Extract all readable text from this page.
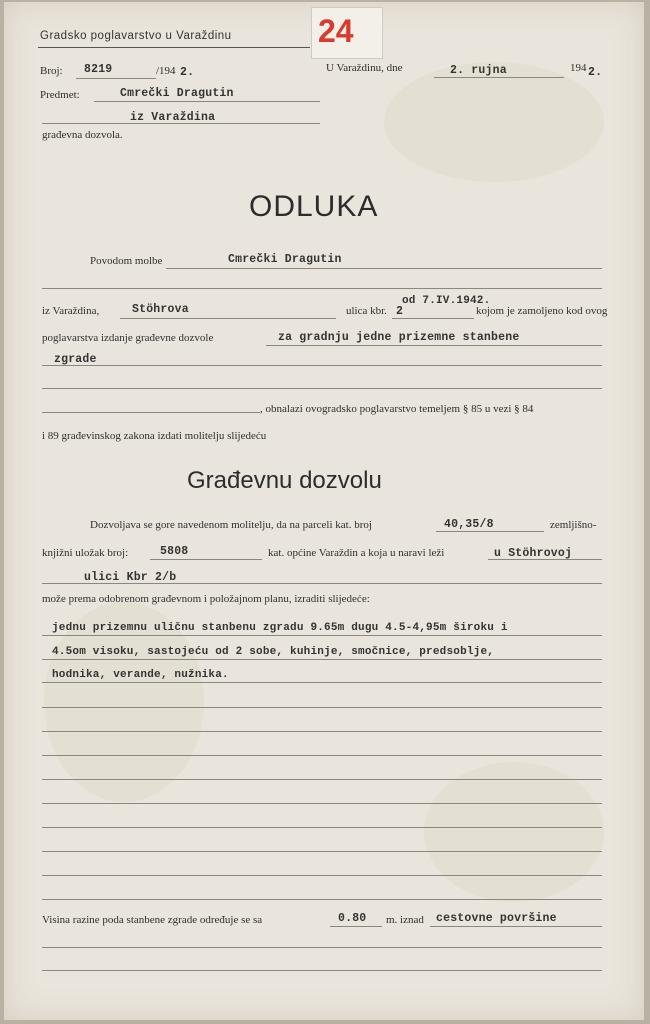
Gradsko poglavarstvo u Varaždinu	24
Broj: 8219	/194 2.	U Varaždinu, dne	2. rujna	194 2.
Predmet:	Cmrečki Dragutin
iz Varaždina
građevna dozvola.
ODLUKA
Povodom molbe	Cmrečki Dragutin
iz Varaždina,	Stöhrova	ulica kbr. 2
od 7.IV.1942.
kojom je zamoljeno kod ovog
poglavarstva izdanje građevne dozvole	za gradnju jedne prizemne stanbene
zgrade
, obnalazi ovogradsko poglavarstvo temeljem § 85 u vezi § 84
i 89 građevinskog zakona izdati molitelju slijedeću
Građevnu dozvolu
Dozvoljava se gore navedenom molitelju, da na parceli kat. broj	40,35/8	zemljišno-
knjižni uložak broj:	5808	kat. općine Varaždin a koja u naravi leži	u Stöhrovoj
ulici Kbr 2/b
može prema odobrenom građevnom i položajnom planu, izraditi slijedeće:
jednu prizemnu uličnu stanbenu zgradu 9.65m dugu 4.5-4,95m široku i
4.5om visoku, sastojeću od 2 sobe, kuhinje, smočnice, predsoblje,
hodnika, verande, nužnika.
Visina razine poda stanbene zgrade određuje se sa	0.80 m. iznad cestovne površine
